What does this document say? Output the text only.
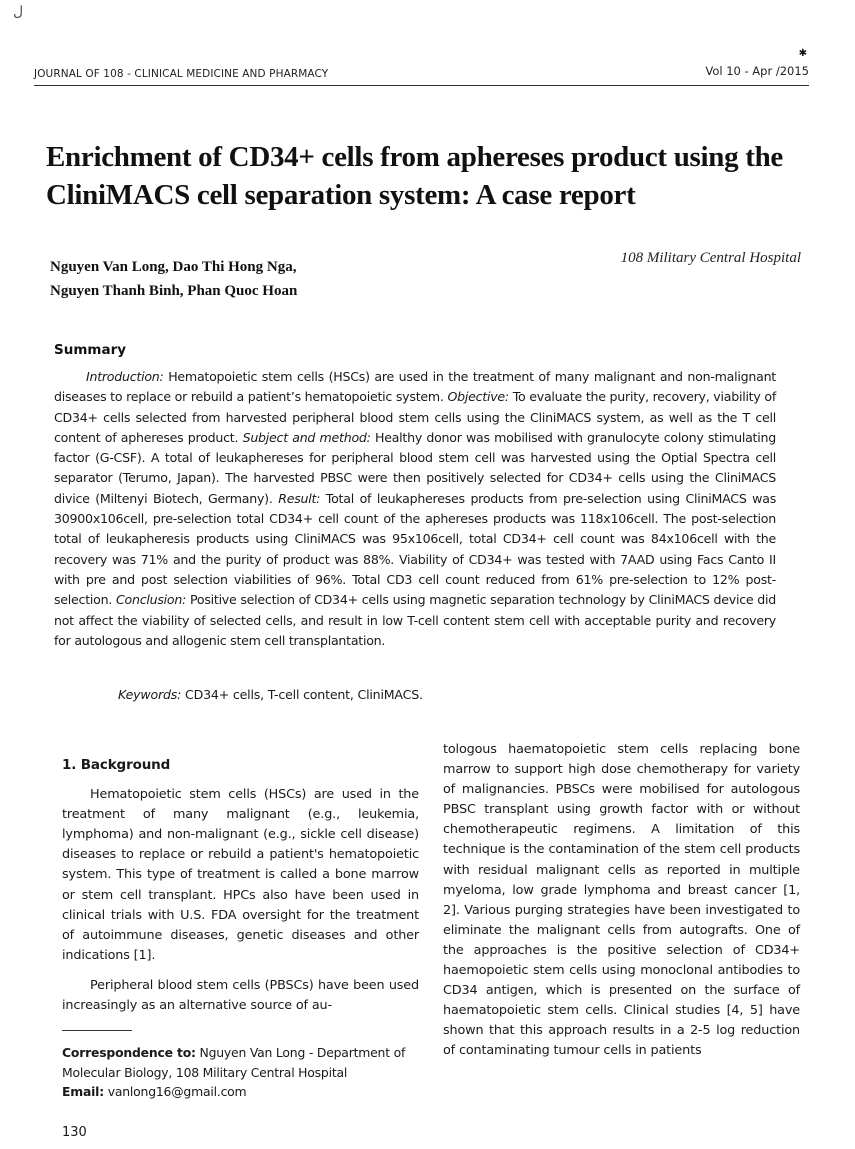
ل
JOURNAL OF 108 - CLINICAL MEDICINE AND PHARMACY
✱
Vol 10 - Apr /2015
Enrichment of CD34+ cells from aphereses product using the CliniMACS cell separation system: A case report
Nguyen Van Long, Dao Thi Hong Nga,
Nguyen Thanh Binh, Phan Quoc Hoan
108 Military Central Hospital
Summary

Introduction: Hematopoietic stem cells (HSCs) are used in the treatment of many malignant and non-malignant diseases to replace or rebuild a patient’s hematopoietic system. Objective: To evaluate the purity, recovery, viability of CD34+ cells selected from harvested peripheral blood stem cells using the CliniMACS system, as well as the T cell content of aphereses product. Subject and method: Healthy donor was mobilised with granulocyte colony stimulating factor (G-CSF). A total of leukaphereses for peripheral blood stem cell was harvested using the Optial Spectra cell separator (Terumo, Japan). The harvested PBSC were then positively selected for CD34+ cells using the CliniMACS divice (Miltenyi Biotech, Germany). Result: Total of leukaphereses products from pre-selection using CliniMACS was 30900x106cell, pre-selection total CD34+ cell count of the aphereses products was 118x106cell. The post-selection total of leukapheresis products using CliniMACS was 95x106cell, total CD34+ cell count was 84x106cell with the recovery was 71% and the purity of product was 88%. Viability of CD34+ was tested with 7AAD using Facs Canto II with pre and post selection viabilities of 96%. Total CD3 cell count reduced from 61% pre-selection to 12% post-selection. Conclusion: Positive selection of CD34+ cells using magnetic separation technology by CliniMACS device did not affect the viability of selected cells, and result in low T-cell content stem cell with acceptable purity and recovery for autologous and allogenic stem cell transplantation.

Keywords: CD34+ cells, T-cell content, CliniMACS.
1. Background

Hematopoietic stem cells (HSCs) are used in the treatment of many malignant (e.g., leukemia, lymphoma) and non-malignant (e.g., sickle cell disease) diseases to replace or rebuild a patient's hematopoietic system. This type of treatment is called a bone marrow or stem cell transplant. HPCs also have been used in clinical trials with U.S. FDA oversight for the treatment of autoimmune diseases, genetic diseases and other indications [1].

Peripheral blood stem cells (PBSCs) have been used increasingly as an alternative source of au-

tologous haematopoietic stem cells replacing bone marrow to support high dose chemotherapy for variety of malignancies. PBSCs were mobilised for autologous PBSC transplant using growth factor with or without chemotherapeutic regimens. A limitation of this technique is the contamination of the stem cell products with residual malignant cells as reported in multiple myeloma, low grade lymphoma and breast cancer [1, 2]. Various purging strategies have been investigated to eliminate the malignant cells from autografts. One of the approaches is the positive selection of CD34+ haemopoietic stem cells using monoclonal antibodies to CD34 antigen, which is presented on the surface of haematopoietic stem cells. Clinical studies [4, 5] have shown that this approach results in a 2-5 log reduction of contaminating tumour cells in patients

Correspondence to: Nguyen Van Long - Department of Molecular Biology, 108 Military Central Hospital
Email: vanlong16@gmail.com
130
